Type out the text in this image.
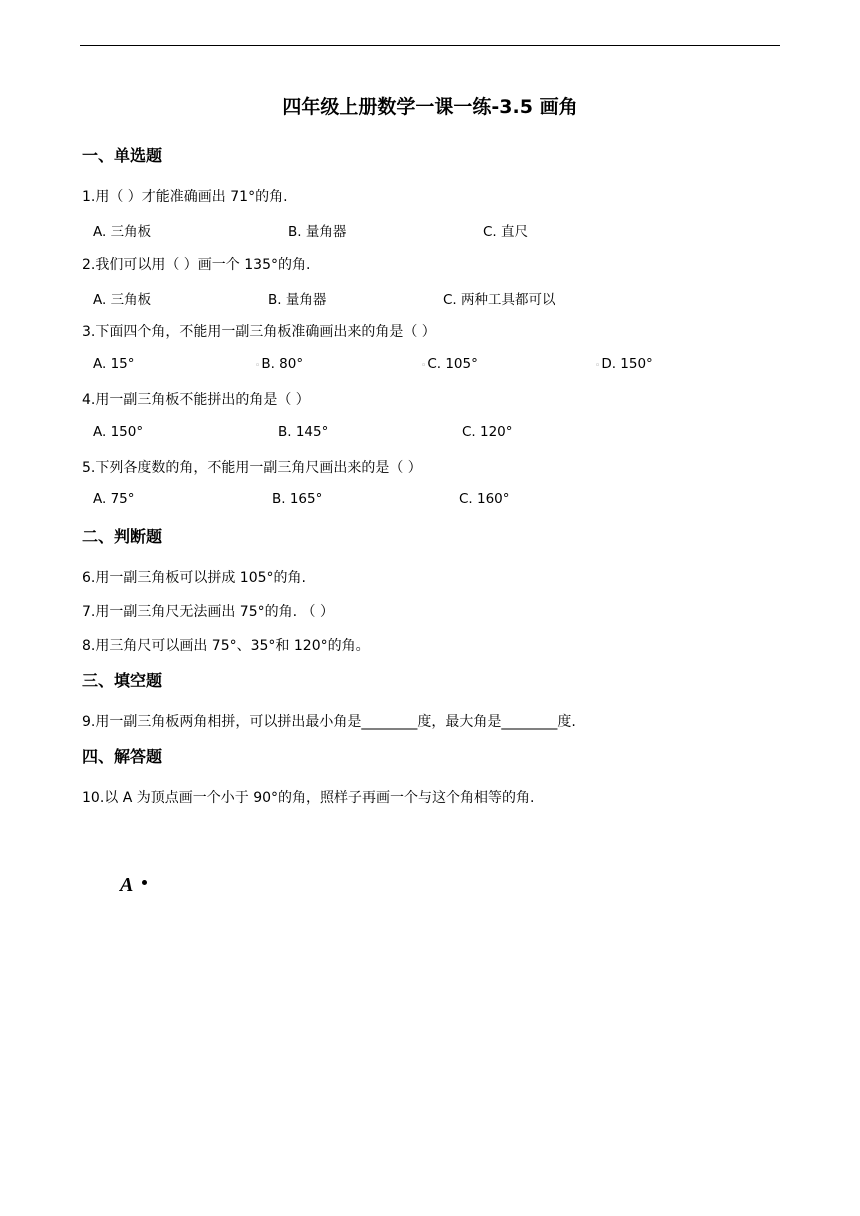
四年级上册数学一课一练-3.5 画角
一、单选题
1.用（ ）才能准确画出 71°的角.
A. 三角板	B. 量角器	C. 直尺
2.我们可以用（ ）画一个 135°的角.
A. 三角板	B. 量角器	C. 两种工具都可以
3.下面四个角，不能用一副三角板准确画出来的角是（ ）
A. 15°	◦B. 80°	◦C. 105°	◦D. 150°
4.用一副三角板不能拼出的角是（ ）
A. 150°	B. 145°	C. 120°
5.下列各度数的角，不能用一副三角尺画出来的是（ ）
A. 75°	B. 165°	C. 160°
二、判断题
6.用一副三角板可以拼成 105°的角.
7.用一副三角尺无法画出 75°的角. （ ）
8.用三角尺可以画出 75°、35°和 120°的角。
三、填空题
9.用一副三角板两角相拼，可以拼出最小角是________度，最大角是________度.
四、解答题
10.以 A 为顶点画一个小于 90°的角，照样子再画一个与这个角相等的角.
A
